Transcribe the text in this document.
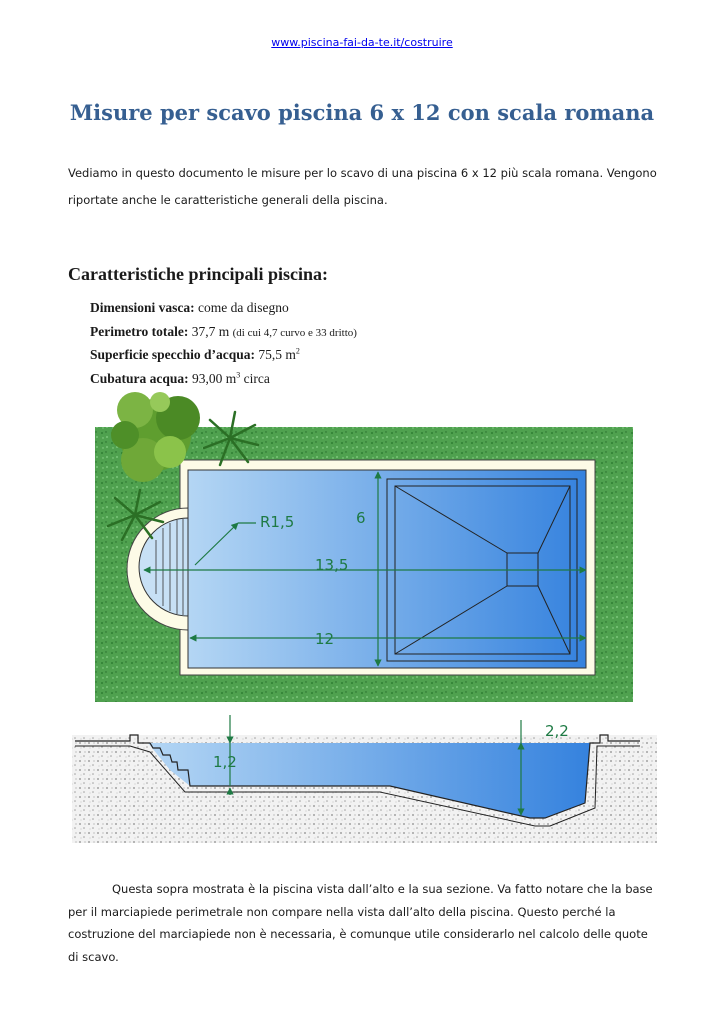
www.piscina-fai-da-te.it/costruire
Misure per scavo piscina 6 x 12 con scala romana

Vediamo in questo documento le misure per lo scavo di una piscina 6 x 12 più scala romana. Vengono riportate anche le caratteristiche generali della piscina.

Caratteristiche principali piscina:
Dimensioni vasca: come da disegno
Perimetro totale: 37,7 m (di cui 4,7 curvo e 33 dritto)
Superficie specchio d’acqua: 75,5 $m^2$
Cubatura acqua: 93,00 $m^3$ circa
R1,5	6
13,5
12
1,2
2,2

Questa sopra mostrata è la piscina vista dall’alto e la sua sezione. Va fatto notare che la base per il marciapiede perimetrale non compare nella vista dall’alto della piscina. Questo perché la costruzione del marciapiede non è necessaria, è comunque utile considerarlo nel calcolo delle quote di scavo.
